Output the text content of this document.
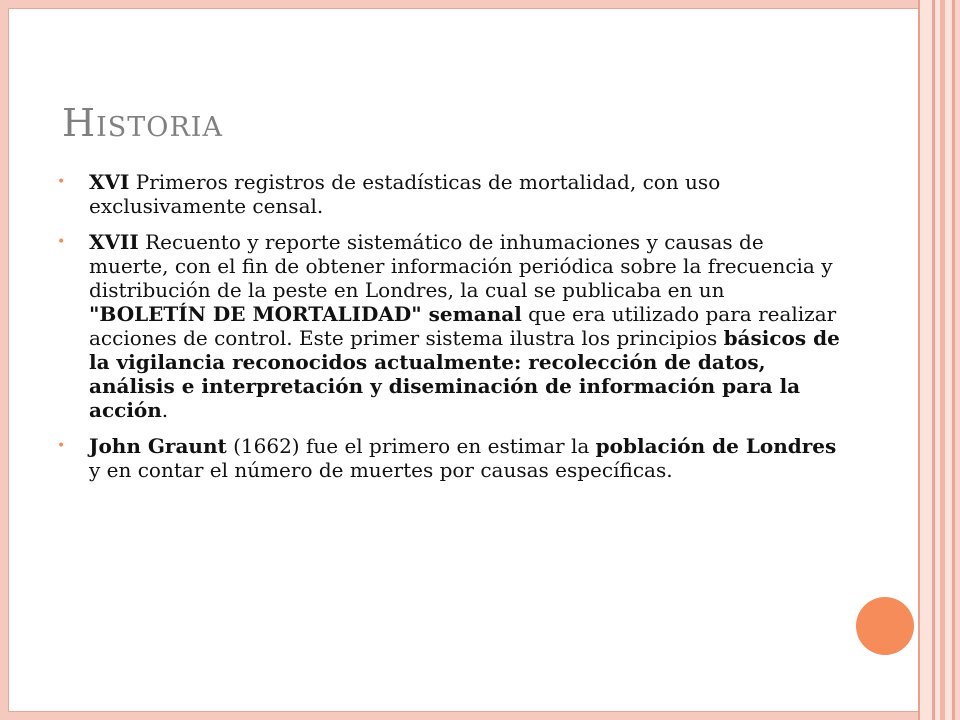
Historia
• XVI Primeros registros de estadísticas de mortalidad, con uso exclusivamente censal.
• XVII Recuento y reporte sistemático de inhumaciones y causas de muerte, con el fin de obtener información periódica sobre la frecuencia y distribución de la peste en Londres, la cual se publicaba en un "BOLETÍN DE MORTALIDAD" semanal que era utilizado para realizar acciones de control. Este primer sistema ilustra los principios básicos de la vigilancia reconocidos actualmente: recolección de datos, análisis e interpretación y diseminación de información para la acción.
• John Graunt (1662) fue el primero en estimar la población de Londres y en contar el número de muertes por causas específicas.
